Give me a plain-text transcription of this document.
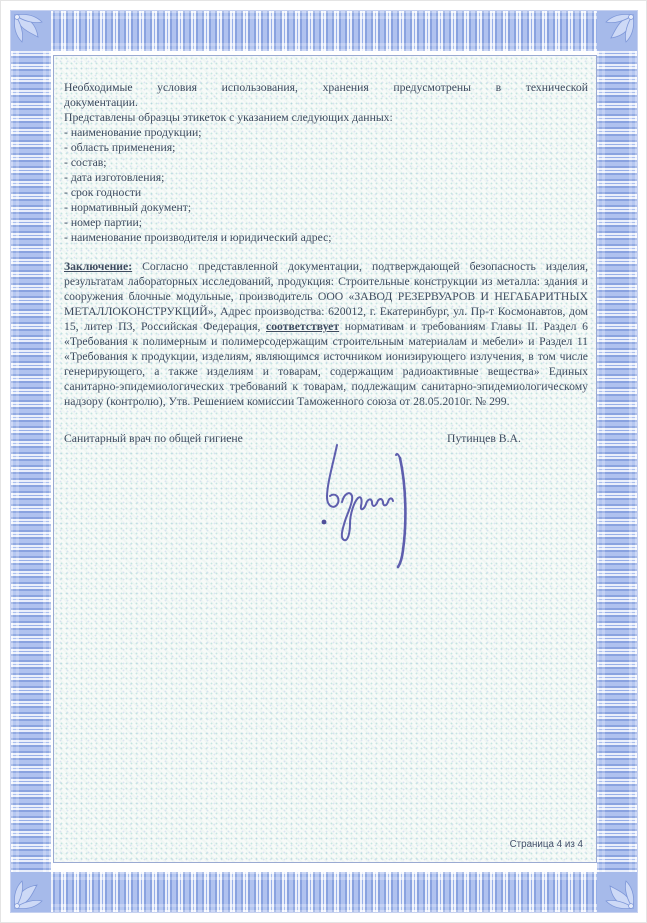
Необходимые условия использования, хранения предусмотрены в технической
документации.

Представлены образцы этикеток с указанием следующих данных:

- наименование продукции;
- область применения;
- состав;
- дата изготовления;
- срок годности
- нормативный документ;
- номер партии;
- наименование производителя и юридический адрес;

Заключение: Согласно представленной документации, подтверждающей безопасность изделия, результатам лабораторных исследований, продукция: Строительные конструкции из металла: здания и сооружения блочные модульные, производитель ООО «ЗАВОД РЕЗЕРВУАРОВ И НЕГАБАРИТНЫХ МЕТАЛЛОКОНСТРУКЦИЙ», Адрес производства: 620012, г. Екатеринбург, ул. Пр-т Космонавтов, дом 15, литер П3, Российская Федерация, соответствует нормативам и требованиям Главы II. Раздел 6 «Требования к полимерным и полимерсодержащим строительным материалам и мебели» и Раздел 11 «Требования к продукции, изделиям, являющимся источником ионизирующего излучения, в том числе генерирующего, а также изделиям и товарам, содержащим радиоактивные вещества» Единых санитарно-эпидемиологических требований к товарам, подлежащим санитарно-эпидемиологическому надзору (контролю), Утв. Решением комиссии Таможенного союза от 28.05.2010г. № 299.

Санитарный врач по общей гигиене	Путинцев В.А.
Страница 4 из 4
